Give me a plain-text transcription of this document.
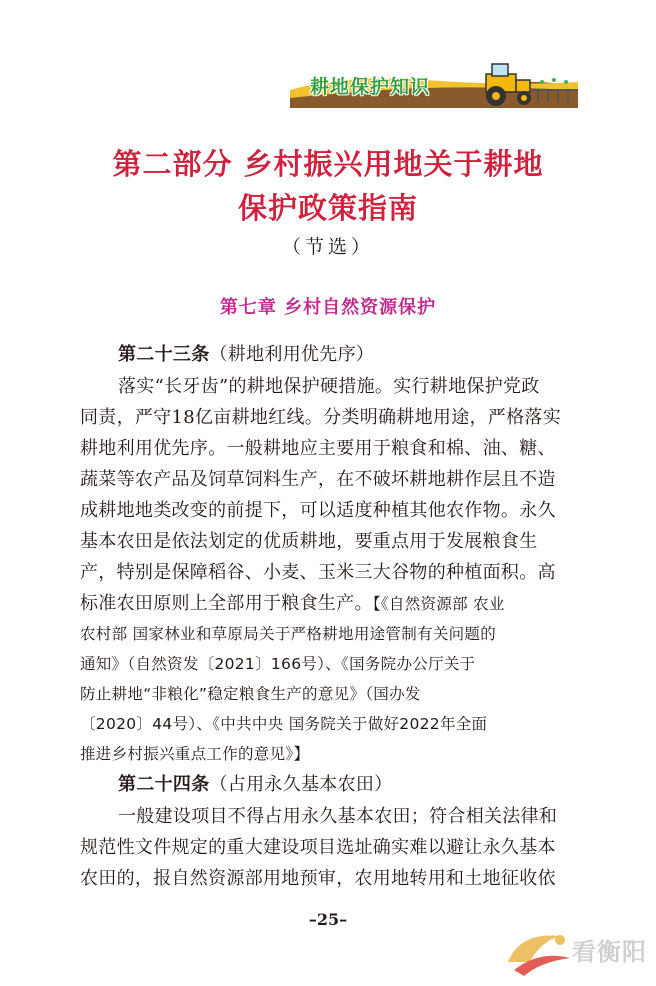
耕地保护知识
第二部分 乡村振兴用地关于耕地
保护政策指南
（节选）
第七章 乡村自然资源保护
第二十三条（耕地利用优先序）
落实“长牙齿”的耕地保护硬措施。实行耕地保护党政
同责，严守18亿亩耕地红线。分类明确耕地用途，严格落实
耕地利用优先序。一般耕地应主要用于粮食和棉、油、糖、
蔬菜等农产品及饲草饲料生产，在不破坏耕地耕作层且不造
成耕地地类改变的前提下，可以适度种植其他农作物。永久
基本农田是依法划定的优质耕地，要重点用于发展粮食生
产，特别是保障稻谷、小麦、玉米三大谷物的种植面积。高
标准农田原则上全部用于粮食生产。【《自然资源部 农业
农村部 国家林业和草原局关于严格耕地用途管制有关问题的
通知》（自然资发〔2021〕166号）、《国务院办公厅关于
防止耕地“非粮化”稳定粮食生产的意见》（国办发
〔2020〕44号）、《中共中央 国务院关于做好2022年全面
推进乡村振兴重点工作的意见》】
第二十四条（占用永久基本农田）
一般建设项目不得占用永久基本农田；符合相关法律和
规范性文件规定的重大建设项目选址确实难以避让永久基本
农田的，报自然资源部用地预审，农用地转用和土地征收依
–25–
看衡阳
